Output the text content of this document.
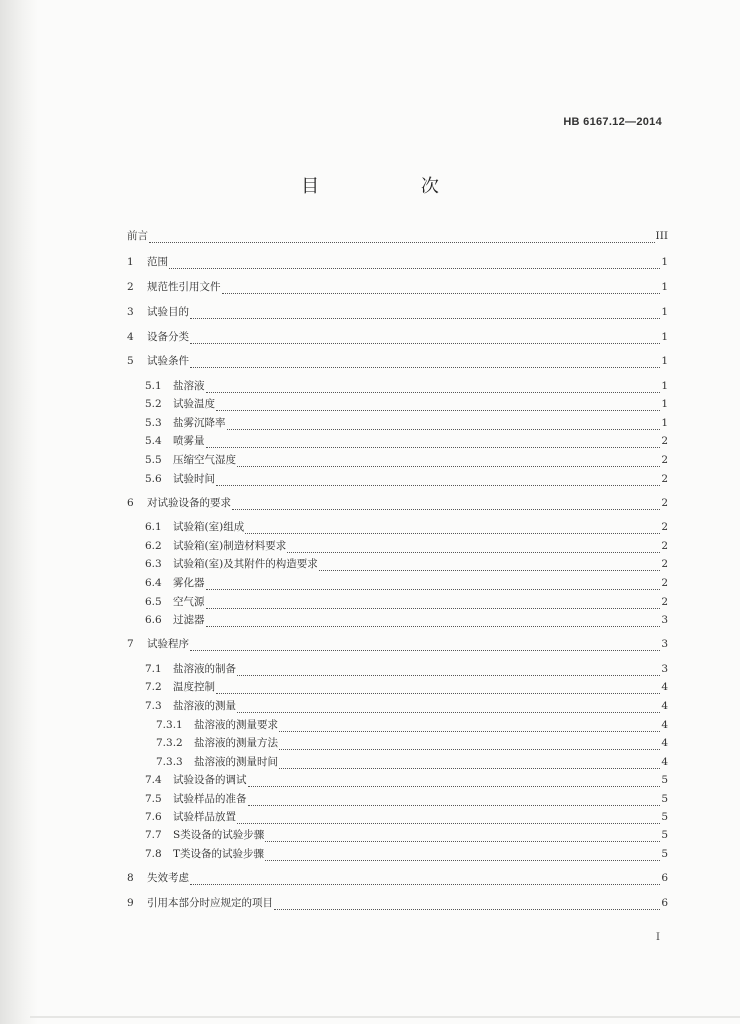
HB 6167.12—2014
目 次
前言	III
1	范围	1
2	规范性引用文件	1
3	试验目的	1
4	设备分类	1
5	试验条件	1
5.1	盐溶液	1
5.2	试验温度	1
5.3	盐雾沉降率	1
5.4	喷雾量	2
5.5	压缩空气湿度	2
5.6	试验时间	2
6	对试验设备的要求	2
6.1	试验箱(室)组成	2
6.2	试验箱(室)制造材料要求	2
6.3	试验箱(室)及其附件的构造要求	2
6.4	雾化器	2
6.5	空气源	2
6.6	过滤器	3
7	试验程序	3
7.1	盐溶液的制备	3
7.2	温度控制	4
7.3	盐溶液的测量	4
7.3.1	盐溶液的测量要求	4
7.3.2	盐溶液的测量方法	4
7.3.3	盐溶液的测量时间	4
7.4	试验设备的调试	5
7.5	试验样品的准备	5
7.6	试验样品放置	5
7.7	S类设备的试验步骤	5
7.8	T类设备的试验步骤	5
8	失效考虑	6
9	引用本部分时应规定的项目	6
I
